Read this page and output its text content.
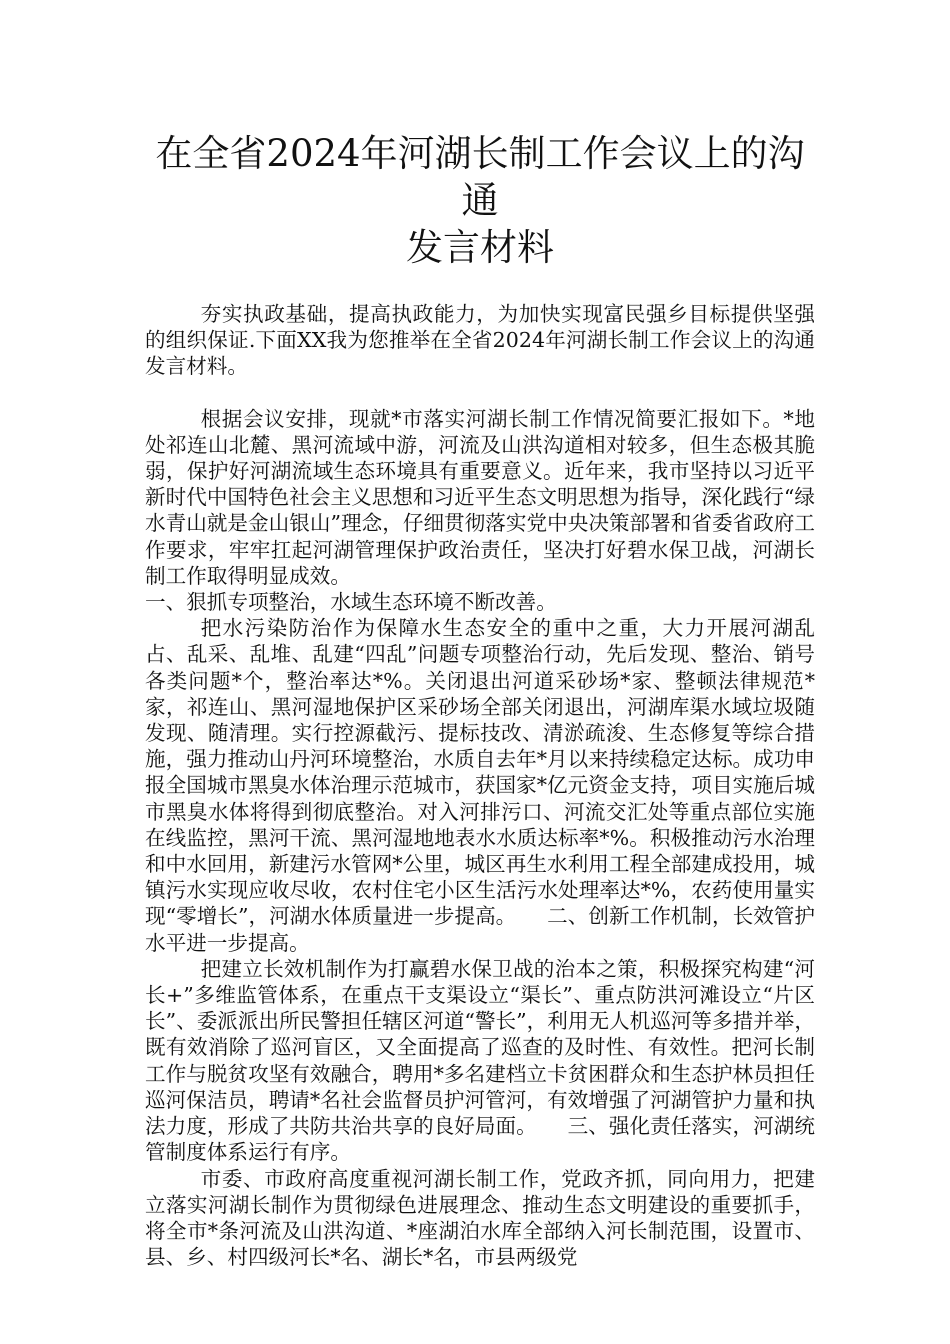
在全省2024年河湖长制工作会议上的沟通
发言材料

夯实执政基础，提高执政能力，为加快实现富民强乡目标提供坚强的组织保证.下面XX我为您推举在全省2024年河湖长制工作会议上的沟通发言材料。

根据会议安排，现就*市落实河湖长制工作情况简要汇报如下。*地处祁连山北麓、黑河流域中游，河流及山洪沟道相对较多，但生态极其脆弱，保护好河湖流域生态环境具有重要意义。近年来，我市坚持以习近平新时代中国特色社会主义思想和习近平生态文明思想为指导，深化践行“绿水青山就是金山银山”理念，仔细贯彻落实党中央决策部署和省委省政府工作要求，牢牢扛起河湖管理保护政治责任，坚决打好碧水保卫战，河湖长制工作取得明显成效。

一、狠抓专项整治，水域生态环境不断改善。

把水污染防治作为保障水生态安全的重中之重，大力开展河湖乱占、乱采、乱堆、乱建“四乱”问题专项整治行动，先后发现、整治、销号各类问题*个，整治率达*%。关闭退出河道采砂场*家、整顿法律规范*家，祁连山、黑河湿地保护区采砂场全部关闭退出，河湖库渠水域垃圾随发现、随清理。实行控源截污、提标技改、清淤疏浚、生态修复等综合措施，强力推动山丹河环境整治，水质自去年*月以来持续稳定达标。成功申报全国城市黑臭水体治理示范城市，获国家*亿元资金支持，项目实施后城市黑臭水体将得到彻底整治。对入河排污口、河流交汇处等重点部位实施在线监控，黑河干流、黑河湿地地表水水质达标率*%。积极推动污水治理和中水回用，新建污水管网*公里，城区再生水利用工程全部建成投用，城镇污水实现应收尽收，农村住宅小区生活污水处理率达*%，农药使用量实现“零增长”，河湖水体质量进一步提高。　　二、创新工作机制，长效管护水平进一步提高。

把建立长效机制作为打赢碧水保卫战的治本之策，积极探究构建“河长+”多维监管体系，在重点干支渠设立“渠长”、重点防洪河滩设立“片区长”、委派派出所民警担任辖区河道“警长”，利用无人机巡河等多措并举，既有效消除了巡河盲区，又全面提高了巡查的及时性、有效性。把河长制工作与脱贫攻坚有效融合，聘用*多名建档立卡贫困群众和生态护林员担任巡河保洁员，聘请*名社会监督员护河管河，有效增强了河湖管护力量和执法力度，形成了共防共治共享的良好局面。　　三、强化责任落实，河湖统管制度体系运行有序。

市委、市政府高度重视河湖长制工作，党政齐抓，同向用力，把建立落实河湖长制作为贯彻绿色进展理念、推动生态文明建设的重要抓手，将全市*条河流及山洪沟道、*座湖泊水库全部纳入河长制范围，设置市、县、乡、村四级河长*名、湖长*名，市县两级党
